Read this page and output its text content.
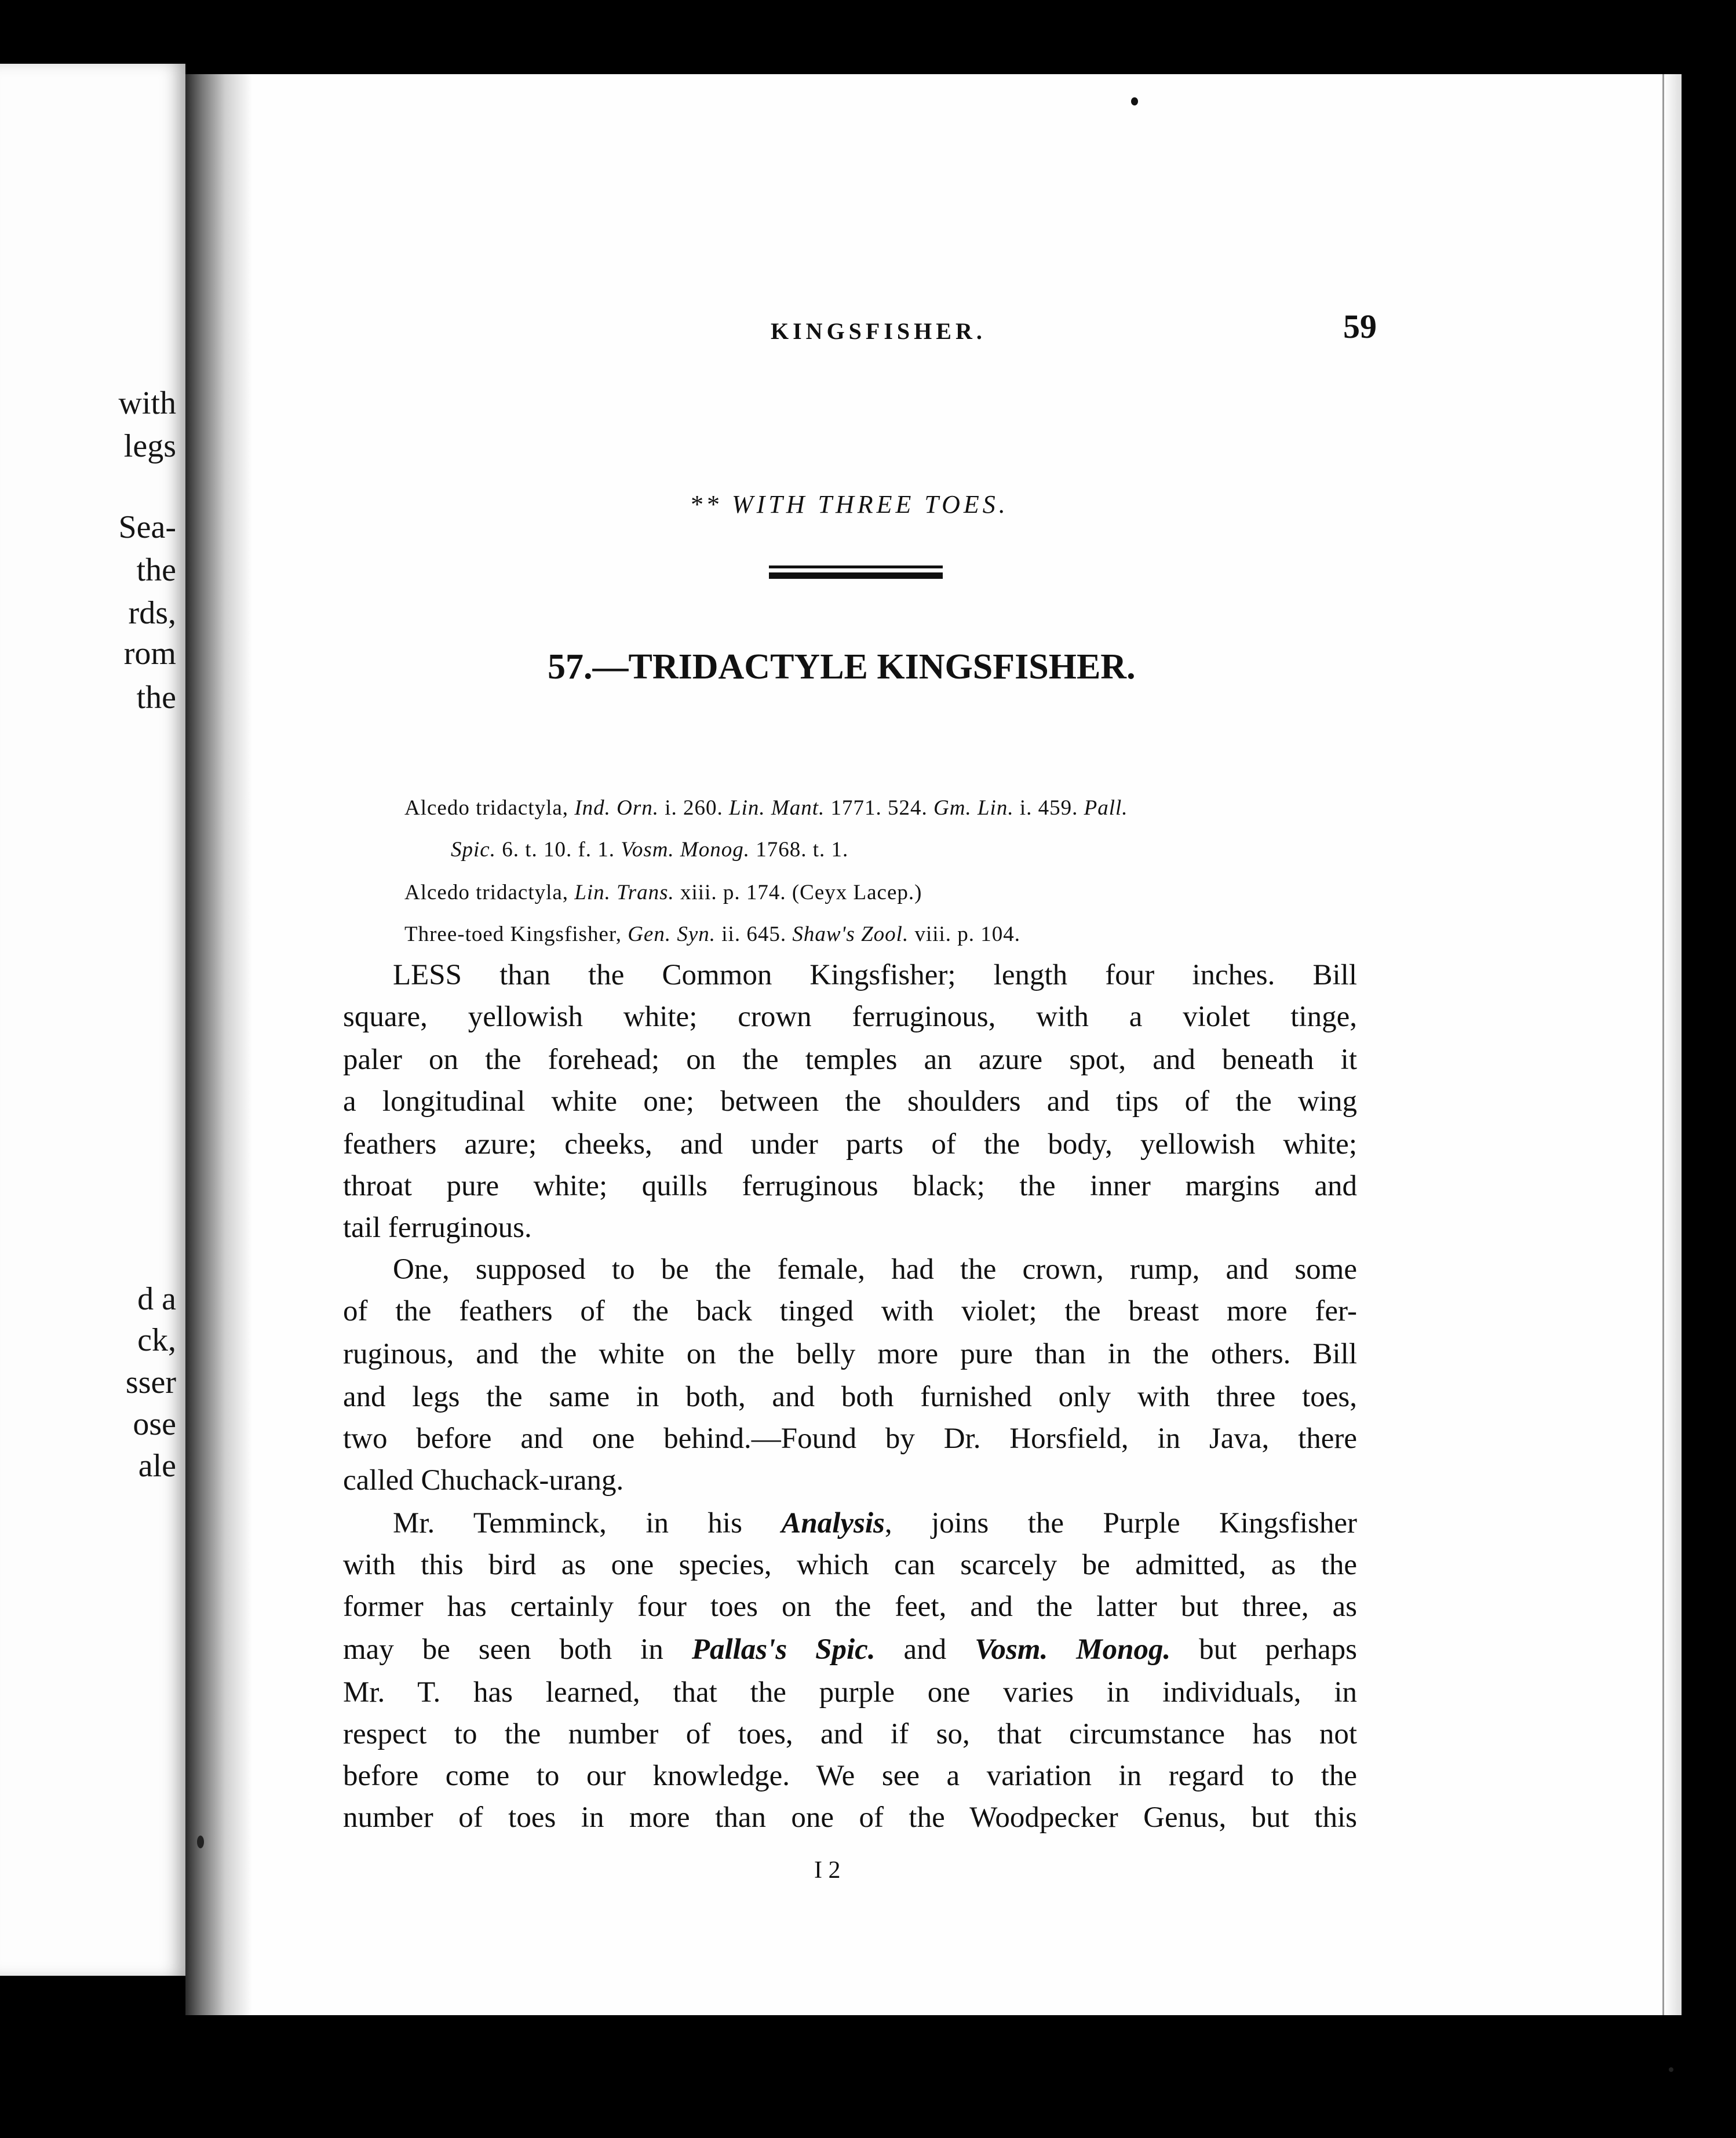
with
legs
Sea-
the
rds,
rom
the
d a
ck,
sser
ose
ale
KINGSFISHER.	59
** WITH THREE TOES.
57.—TRIDACTYLE KINGSFISHER.
Alcedo tridactyla, Ind. Orn. i. 260. Lin. Mant. 1771. 524. Gm. Lin. i. 459. Pall.
Spic. 6. t. 10. f. 1. Vosm. Monog. 1768. t. 1.
Alcedo tridactyla, Lin. Trans. xiii. p. 174. (Ceyx Lacep.)
Three-toed Kingsfisher, Gen. Syn. ii. 645. Shaw's Zool. viii. p. 104.
LESS than the Common Kingsfisher; length four inches. Bill
square, yellowish white; crown ferruginous, with a violet tinge,
paler on the forehead; on the temples an azure spot, and beneath it
a longitudinal white one; between the shoulders and tips of the wing
feathers azure; cheeks, and under parts of the body, yellowish white;
throat pure white; quills ferruginous black; the inner margins and
tail ferruginous.
One, supposed to be the female, had the crown, rump, and some
of the feathers of the back tinged with violet; the breast more fer-
ruginous, and the white on the belly more pure than in the others. Bill
and legs the same in both, and both furnished only with three toes,
two before and one behind.—Found by Dr. Horsfield, in Java, there
called Chuchack-urang.
Mr. Temminck, in his Analysis, joins the Purple Kingsfisher
with this bird as one species, which can scarcely be admitted, as the
former has certainly four toes on the feet, and the latter but three, as
may be seen both in Pallas's Spic. and Vosm. Monog. but perhaps
Mr. T. has learned, that the purple one varies in individuals, in
respect to the number of toes, and if so, that circumstance has not
before come to our knowledge. We see a variation in regard to the
number of toes in more than one of the Woodpecker Genus, but this
I 2
